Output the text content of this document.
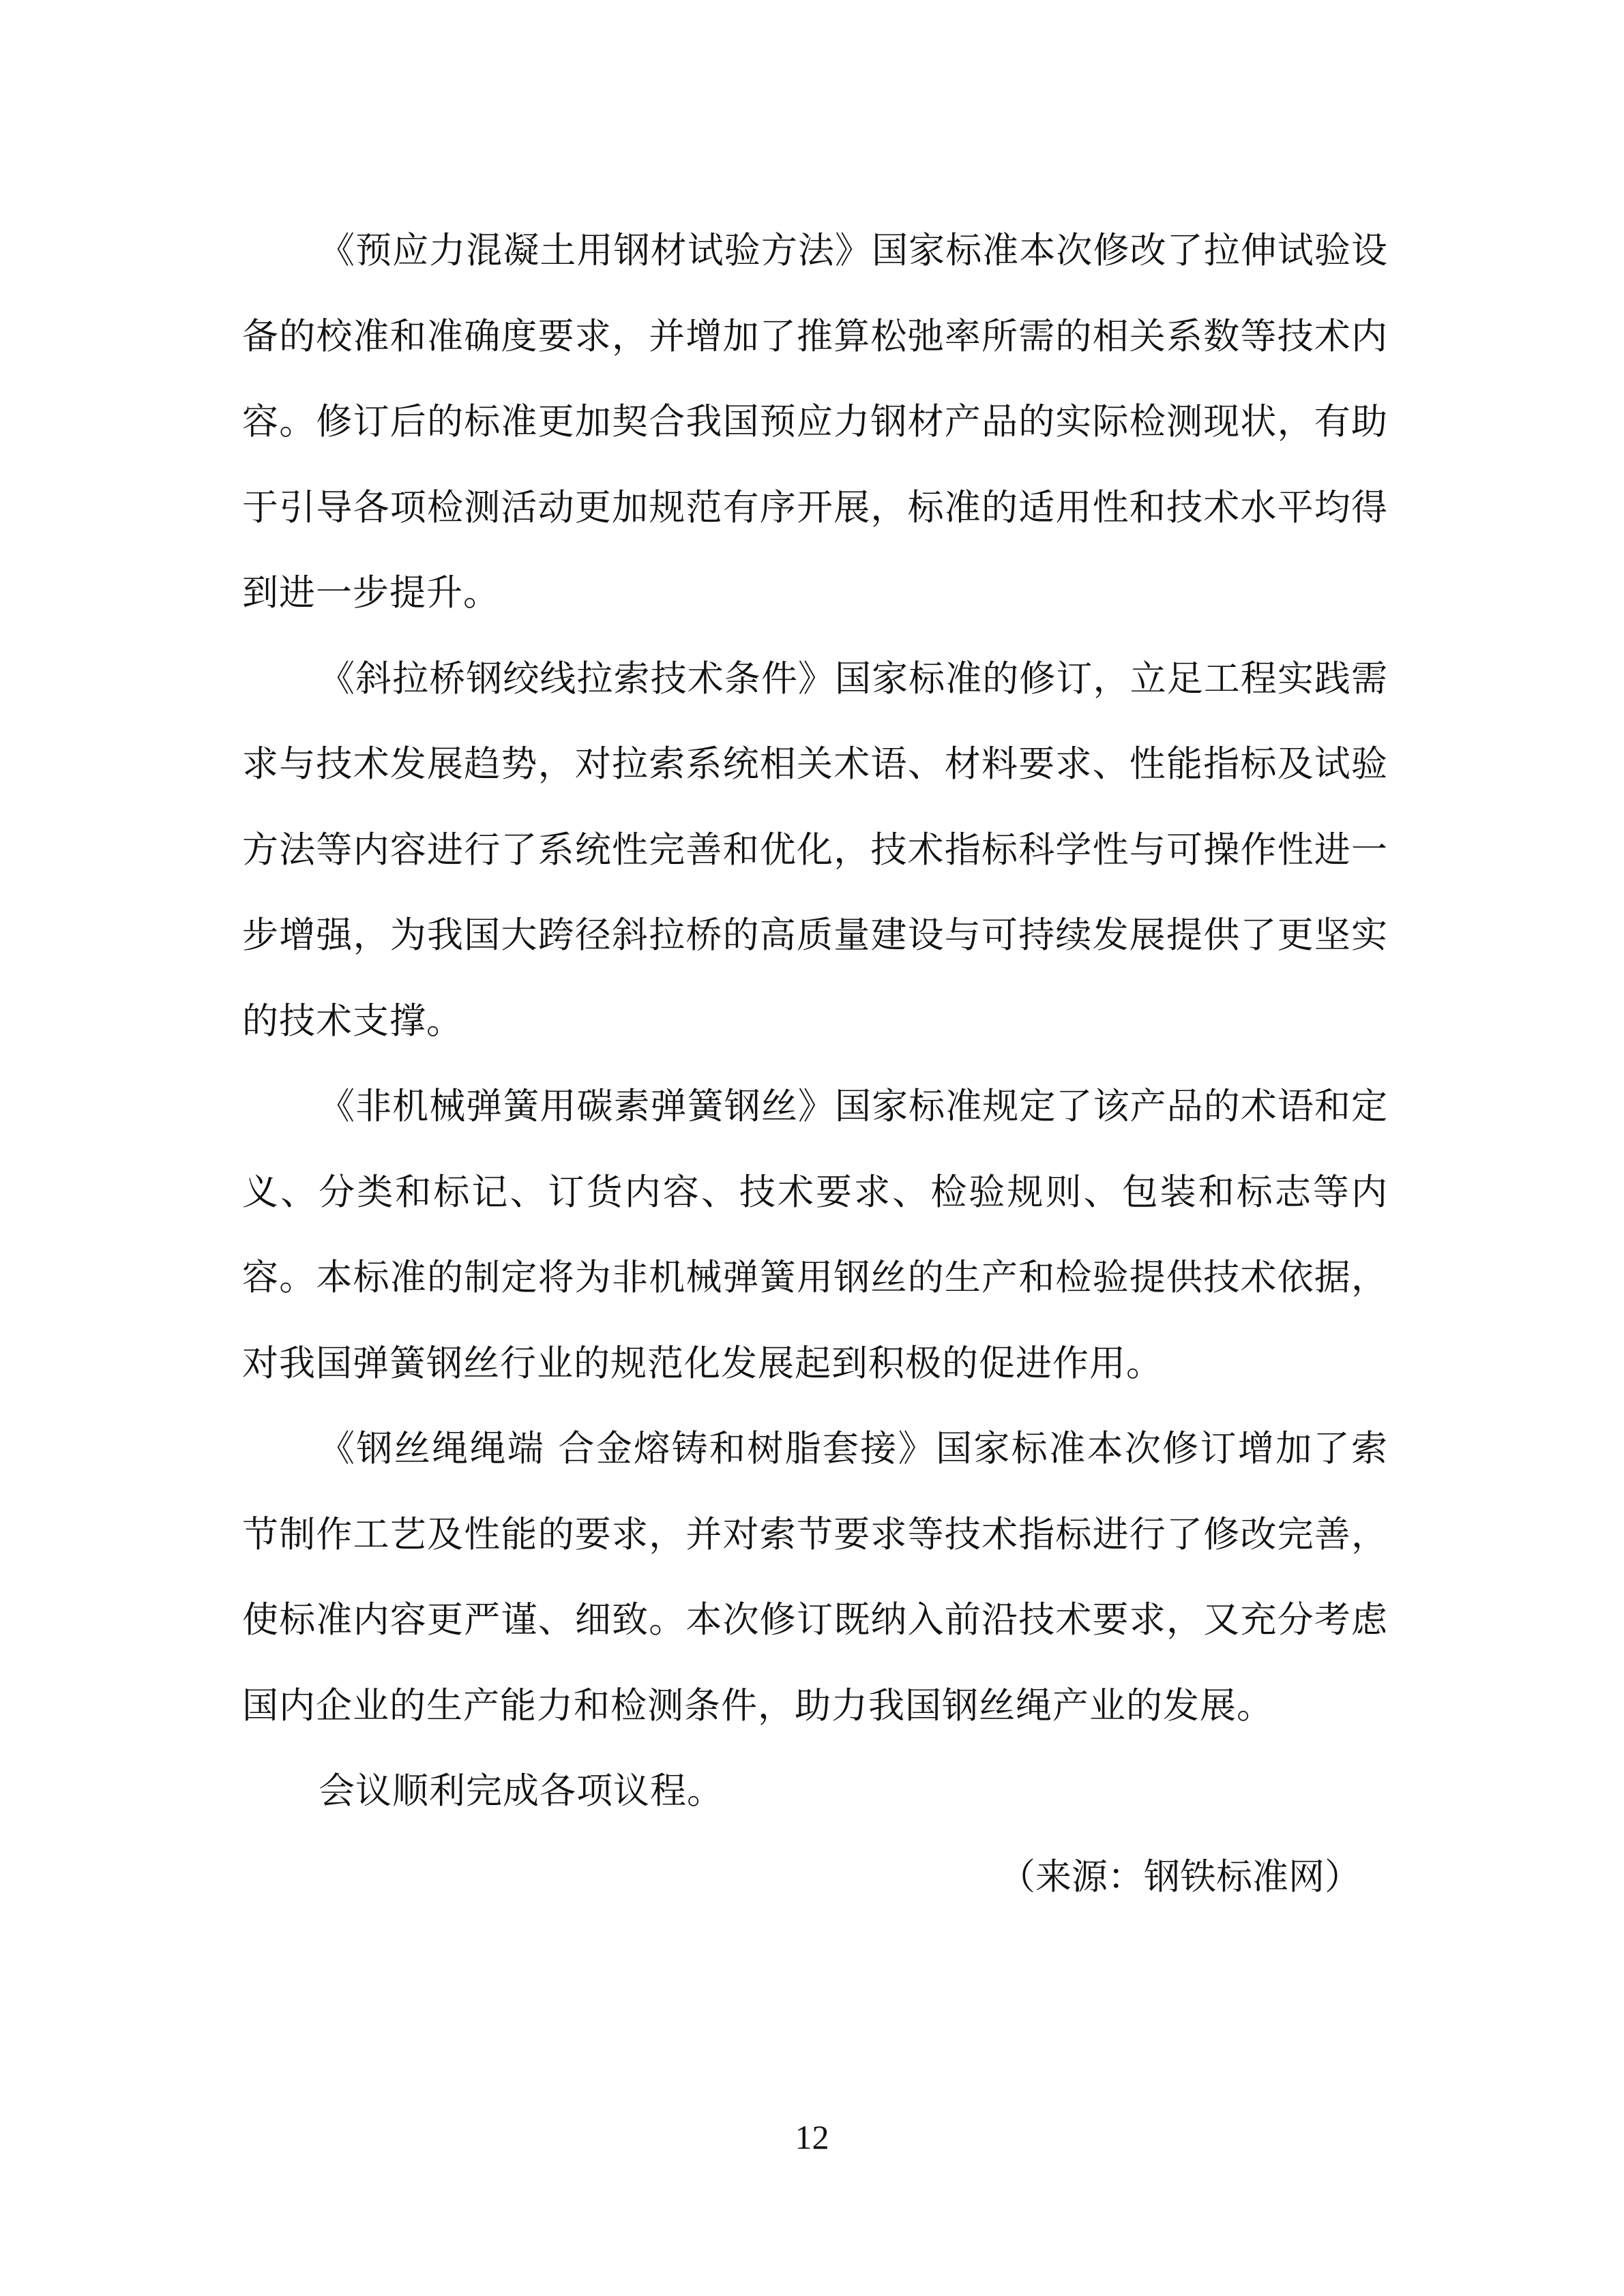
《预应力混凝土用钢材试验方法》国家标准本次修改了拉伸试验设备的校准和准确度要求，并增加了推算松弛率所需的相关系数等技术内容。修订后的标准更加契合我国预应力钢材产品的实际检测现状，有助于引导各项检测活动更加规范有序开展，标准的适用性和技术水平均得到进一步提升。

《斜拉桥钢绞线拉索技术条件》国家标准的修订，立足工程实践需求与技术发展趋势，对拉索系统相关术语、材料要求、性能指标及试验方法等内容进行了系统性完善和优化，技术指标科学性与可操作性进一步增强，为我国大跨径斜拉桥的高质量建设与可持续发展提供了更坚实的技术支撑。

《非机械弹簧用碳素弹簧钢丝》国家标准规定了该产品的术语和定义、分类和标记、订货内容、技术要求、检验规则、包装和标志等内容。本标准的制定将为非机械弹簧用钢丝的生产和检验提供技术依据，对我国弹簧钢丝行业的规范化发展起到积极的促进作用。

《钢丝绳绳端 合金熔铸和树脂套接》国家标准本次修订增加了索节制作工艺及性能的要求，并对索节要求等技术指标进行了修改完善，使标准内容更严谨、细致。本次修订既纳入前沿技术要求，又充分考虑国内企业的生产能力和检测条件，助力我国钢丝绳产业的发展。

会议顺利完成各项议程。

（来源：钢铁标准网）

12
